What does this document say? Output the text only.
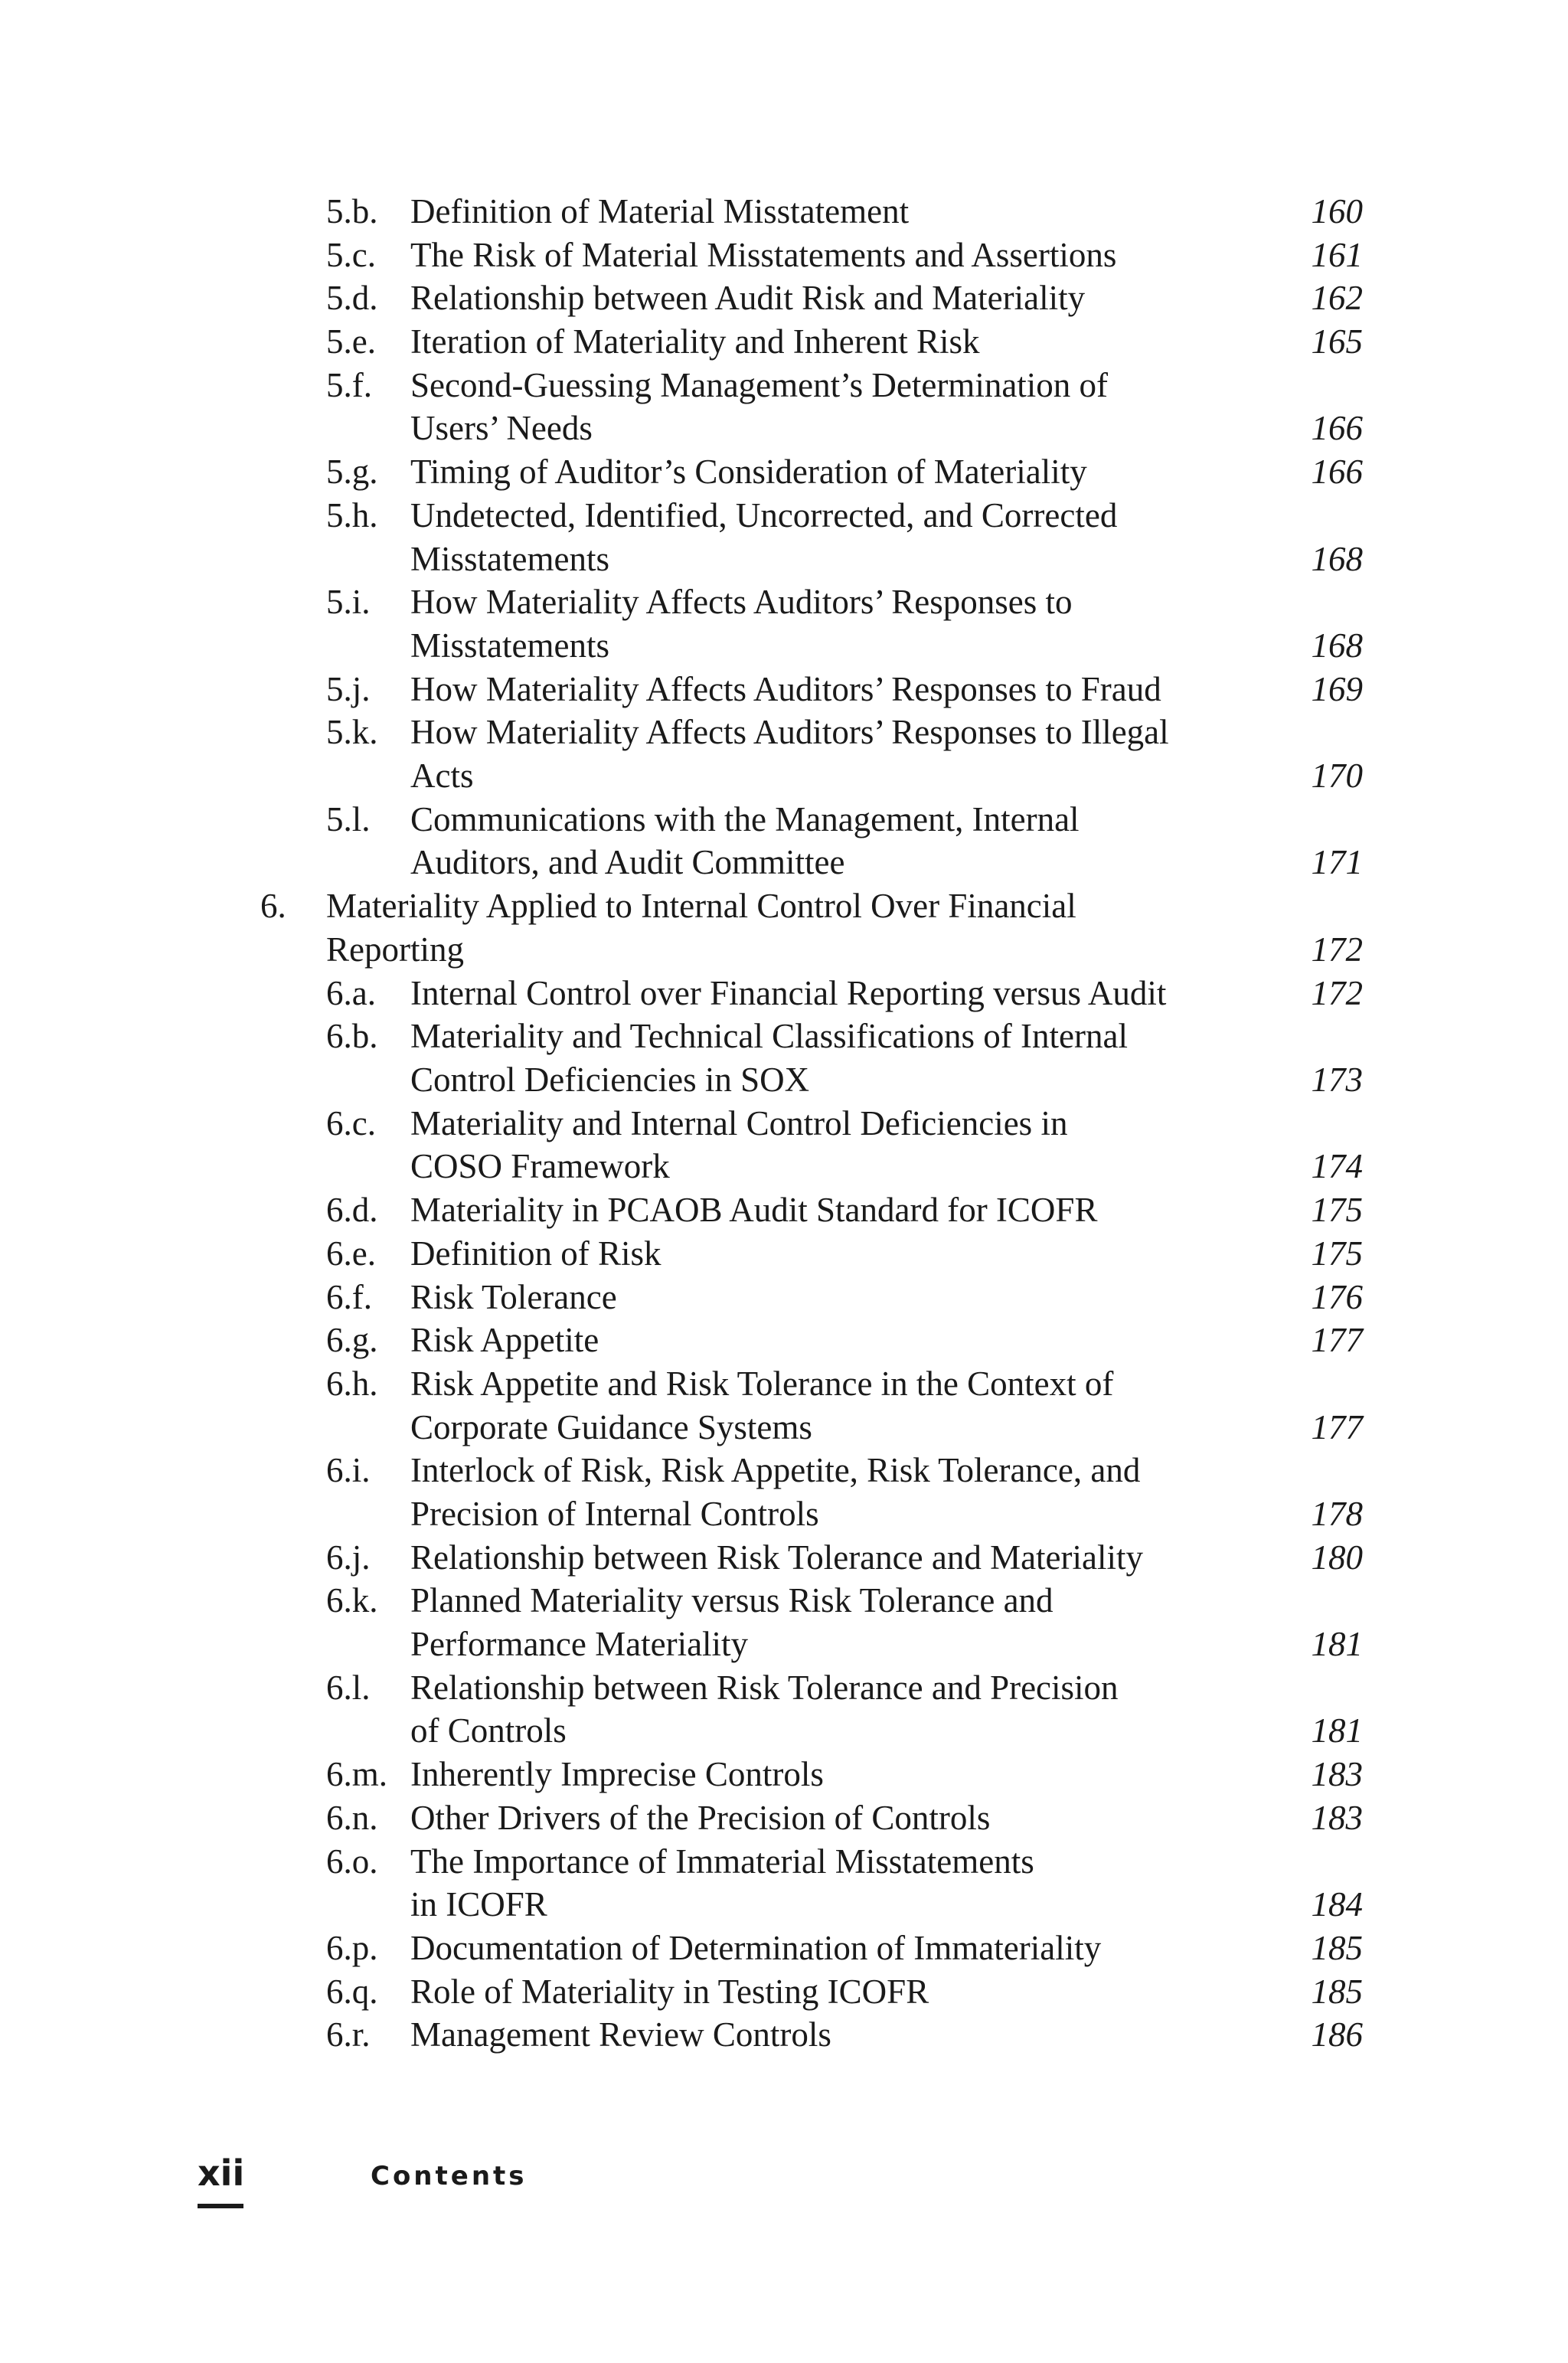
5.b. Definition of Material Misstatement	160
5.c. The Risk of Material Misstatements and Assertions	161
5.d. Relationship between Audit Risk and Materiality	162
5.e. Iteration of Materiality and Inherent Risk	165
5.f. Second-Guessing Management’s Determination of
Users’ Needs	166
5.g. Timing of Auditor’s Consideration of Materiality	166
5.h. Undetected, Identified, Uncorrected, and Corrected
Misstatements	168
5.i. How Materiality Affects Auditors’ Responses to
Misstatements	168
5.j. How Materiality Affects Auditors’ Responses to Fraud	169
5.k. How Materiality Affects Auditors’ Responses to Illegal
Acts	170
5.l. Communications with the Management, Internal
Auditors, and Audit Committee	171
6. Materiality Applied to Internal Control Over Financial
Reporting	172
6.a. Internal Control over Financial Reporting versus Audit	172
6.b. Materiality and Technical Classifications of Internal
Control Deficiencies in SOX	173
6.c. Materiality and Internal Control Deficiencies in
COSO Framework	174
6.d. Materiality in PCAOB Audit Standard for ICOFR	175
6.e. Definition of Risk	175
6.f. Risk Tolerance	176
6.g. Risk Appetite	177
6.h. Risk Appetite and Risk Tolerance in the Context of
Corporate Guidance Systems	177
6.i. Interlock of Risk, Risk Appetite, Risk Tolerance, and
Precision of Internal Controls	178
6.j. Relationship between Risk Tolerance and Materiality	180
6.k. Planned Materiality versus Risk Tolerance and
Performance Materiality	181
6.l. Relationship between Risk Tolerance and Precision
of Controls	181
6.m. Inherently Imprecise Controls	183
6.n. Other Drivers of the Precision of Controls	183
6.o. The Importance of Immaterial Misstatements
in ICOFR	184
6.p. Documentation of Determination of Immateriality	185
6.q. Role of Materiality in Testing ICOFR	185
6.r. Management Review Controls	186
xii	Contents
